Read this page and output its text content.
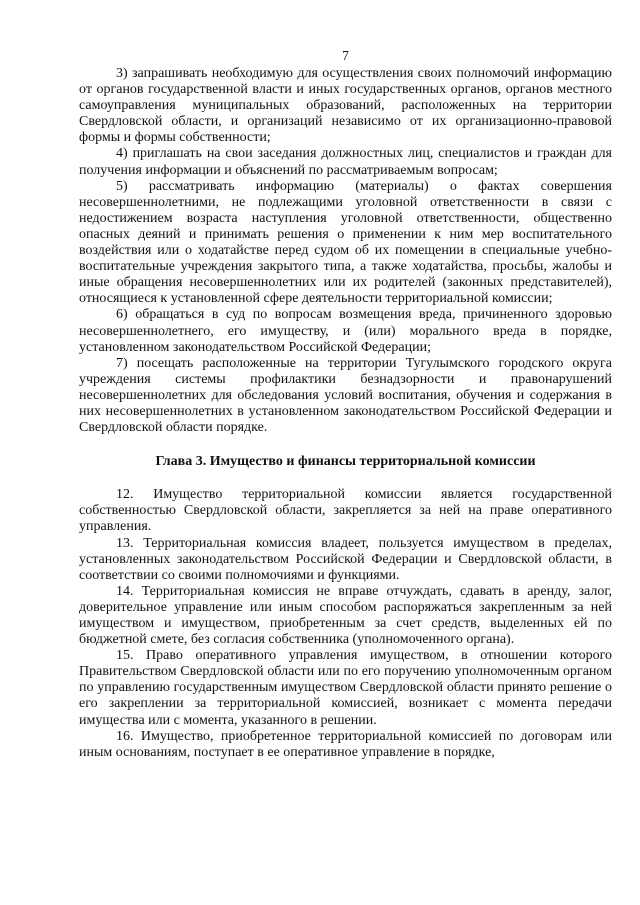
7

3) запрашивать необходимую для осуществления своих полномочий информацию от органов государственной власти и иных государственных органов, органов местного самоуправления муниципальных образований, расположенных на территории Свердловской области, и организаций независимо от их организационно-правовой формы и формы собственности;

4) приглашать на свои заседания должностных лиц, специалистов и граждан для получения информации и объяснений по рассматриваемым вопросам;

5) рассматривать информацию (материалы) о фактах совершения несовершеннолетними, не подлежащими уголовной ответственности в связи с недостижением возраста наступления уголовной ответственности, общественно опасных деяний и принимать решения о применении к ним мер воспитательного воздействия или о ходатайстве перед судом об их помещении в специальные учебно-воспитательные учреждения закрытого типа, а также ходатайства, просьбы, жалобы и иные обращения несовершеннолетних или их родителей (законных представителей), относящиеся к установленной сфере деятельности территориальной комиссии;

6) обращаться в суд по вопросам возмещения вреда, причиненного здоровью несовершеннолетнего, его имуществу, и (или) морального вреда в порядке, установленном законодательством Российской Федерации;

7) посещать расположенные на территории Тугулымского городского округа учреждения системы профилактики безнадзорности и правонарушений несовершеннолетних для обследования условий воспитания, обучения и содержания в них несовершеннолетних в установленном законодательством Российской Федерации и Свердловской области порядке.

Глава 3. Имущество и финансы территориальной комиссии

12. Имущество территориальной комиссии является государственной собственностью Свердловской области, закрепляется за ней на праве оперативного управления.

13. Территориальная комиссия владеет, пользуется имуществом в пределах, установленных законодательством Российской Федерации и Свердловской области, в соответствии со своими полномочиями и функциями.

14. Территориальная комиссия не вправе отчуждать, сдавать в аренду, залог, доверительное управление или иным способом распоряжаться закрепленным за ней имуществом и имуществом, приобретенным за счет средств, выделенных ей по бюджетной смете, без согласия собственника (уполномоченного органа).

15. Право оперативного управления имуществом, в отношении которого Правительством Свердловской области или по его поручению уполномоченным органом по управлению государственным имуществом Свердловской области принято решение о его закреплении за территориальной комиссией, возникает с момента передачи имущества или с момента, указанного в решении.

16. Имущество, приобретенное территориальной комиссией по договорам или иным основаниям, поступает в ее оперативное управление в порядке,
